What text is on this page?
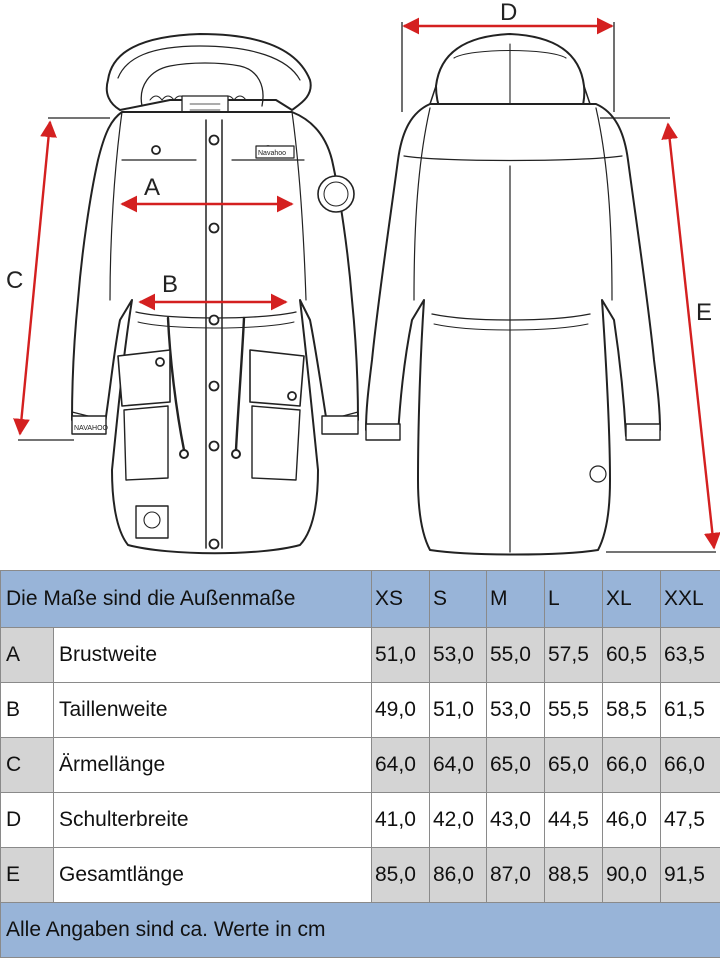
NAVAHOO
Navahoo
A
B
C
D
E
Die Maße sind die Außenmaße		XS	S	M	L	XL	XXL
A	Brustweite	51,0	53,0	55,0	57,5	60,5	63,5
B	Taillenweite	49,0	51,0	53,0	55,5	58,5	61,5
C	Ärmellänge	64,0	64,0	65,0	65,0	66,0	66,0
D	Schulterbreite	41,0	42,0	43,0	44,5	46,0	47,5
E	Gesamtlänge	85,0	86,0	87,0	88,5	90,0	91,5
Alle Angaben sind ca. Werte in cm							
